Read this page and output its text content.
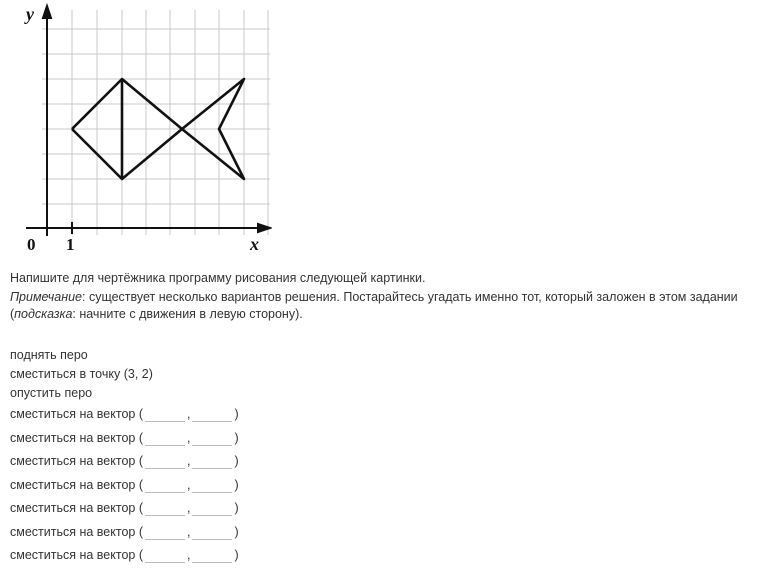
y
x
0 1
Напишите для чертёжника программу рисования следующей картинки.
Примечание: существует несколько вариантов решения. Постарайтесь угадать именно тот, который заложен в этом задании
(подсказка: начните с движения в левую сторону).
поднять перо
сместиться в точку (3, 2)
опустить перо
сместиться на вектор (	,	)
сместиться на вектор (	,	)
сместиться на вектор (	,	)
сместиться на вектор (	,	)
сместиться на вектор (	,	)
сместиться на вектор (	,	)
сместиться на вектор (	,	)
